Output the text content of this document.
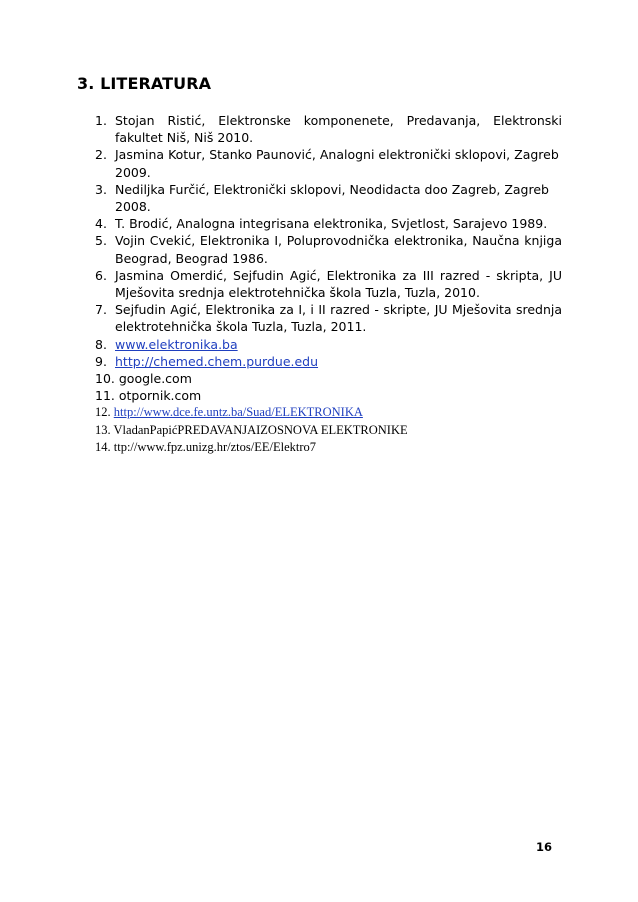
3. LITERATURA
1. Stojan Ristić, Elektronske komponenete, Predavanja, Elektronski fakultet Niš, Niš 2010.
2. Jasmina Kotur, Stanko Paunović, Analogni elektronički sklopovi, Zagreb 2009.
3. Nediljka Furčić, Elektronički sklopovi, Neodidacta doo Zagreb, Zagreb 2008.
4. T. Brodić, Analogna integrisana elektronika, Svjetlost, Sarajevo 1989.
5. Vojin Cvekić, Elektronika I, Poluprovodnička elektronika, Naučna knjiga Beograd, Beograd 1986.
6. Jasmina Omerdić, Sejfudin Agić, Elektronika za III razred - skripta, JU Mješovita srednja elektrotehnička škola Tuzla, Tuzla, 2010.
7. Sejfudin Agić, Elektronika za I, i II razred - skripte, JU Mješovita srednja elektrotehnička škola Tuzla, Tuzla, 2011.
8. www.elektronika.ba
9. http://chemed.chem.purdue.edu
10. google.com
11. otpornik.com
12. http://www.dce.fe.untz.ba/Suad/ELEKTRONIKA
13. VladanPapićPREDAVANJAIZOSNOVA ELEKTRONIKE
14. ttp://www.fpz.unizg.hr/ztos/EE/Elektro7
16
